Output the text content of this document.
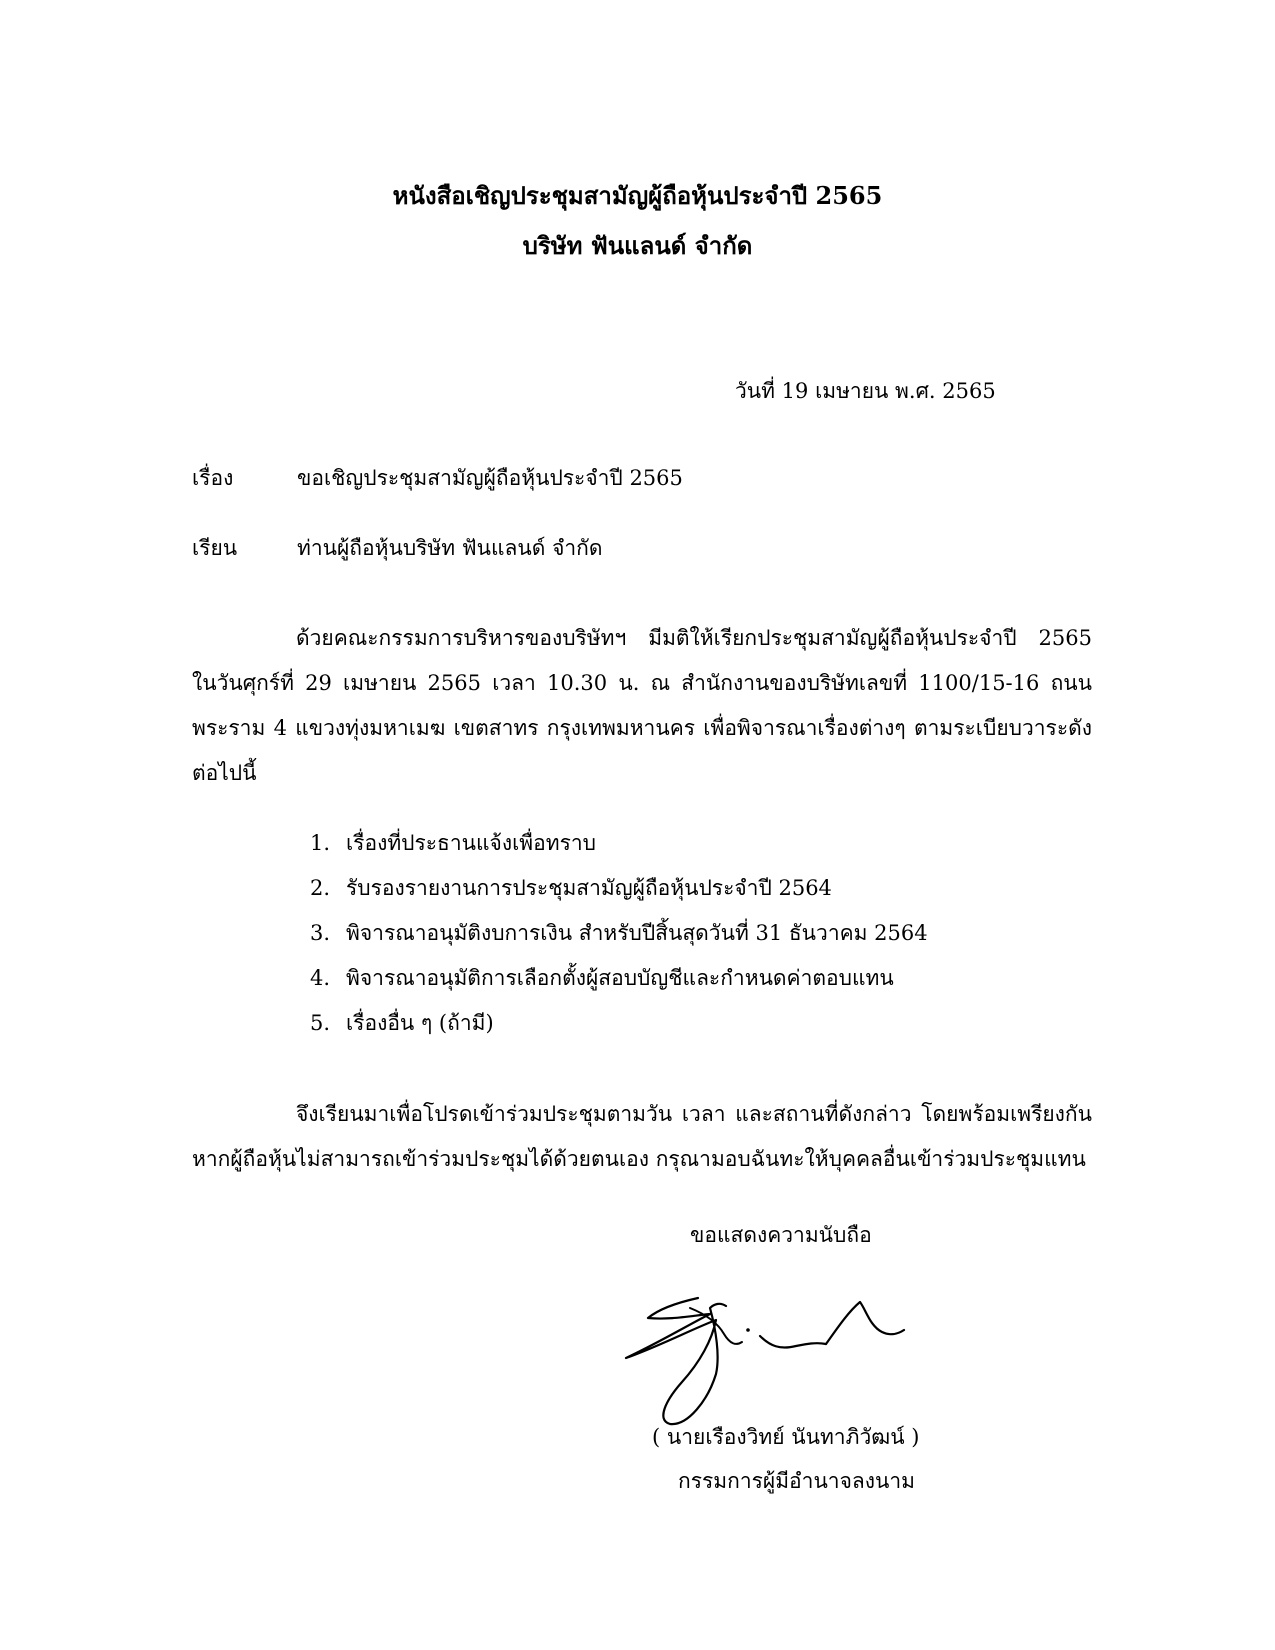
หนังสือเชิญประชุมสามัญผู้ถือหุ้นประจำปี 2565
บริษัท ฟันแลนด์ จำกัด
วันที่ 19 เมษายน พ.ศ. 2565
เรื่อง	ขอเชิญประชุมสามัญผู้ถือหุ้นประจำปี 2565
เรียน	ท่านผู้ถือหุ้นบริษัท ฟันแลนด์ จำกัด
ด้วยคณะกรรมการบริหารของบริษัทฯ มีมติให้เรียกประชุมสามัญผู้ถือหุ้นประจำปี 2565 ในวันศุกร์ที่ 29 เมษายน 2565 เวลา 10.30 น. ณ สำนักงานของบริษัทเลขที่ 1100/15-16 ถนนพระราม 4 แขวงทุ่งมหาเมฆ เขตสาทร กรุงเทพมหานคร เพื่อพิจารณาเรื่องต่างๆ ตามระเบียบวาระดังต่อไปนี้
1. เรื่องที่ประธานแจ้งเพื่อทราบ
2. รับรองรายงานการประชุมสามัญผู้ถือหุ้นประจำปี 2564
3. พิจารณาอนุมัติงบการเงิน สำหรับปีสิ้นสุดวันที่ 31 ธันวาคม 2564
4. พิจารณาอนุมัติการเลือกตั้งผู้สอบบัญชีและกำหนดค่าตอบแทน
5. เรื่องอื่น ๆ (ถ้ามี)
จึงเรียนมาเพื่อโปรดเข้าร่วมประชุมตามวัน เวลา และสถานที่ดังกล่าว โดยพร้อมเพรียงกัน หากผู้ถือหุ้นไม่สามารถเข้าร่วมประชุมได้ด้วยตนเอง กรุณามอบฉันทะให้บุคคลอื่นเข้าร่วมประชุมแทน
ขอแสดงความนับถือ
( นายเรืองวิทย์ นันทาภิวัฒน์ )
กรรมการผู้มีอำนาจลงนาม
